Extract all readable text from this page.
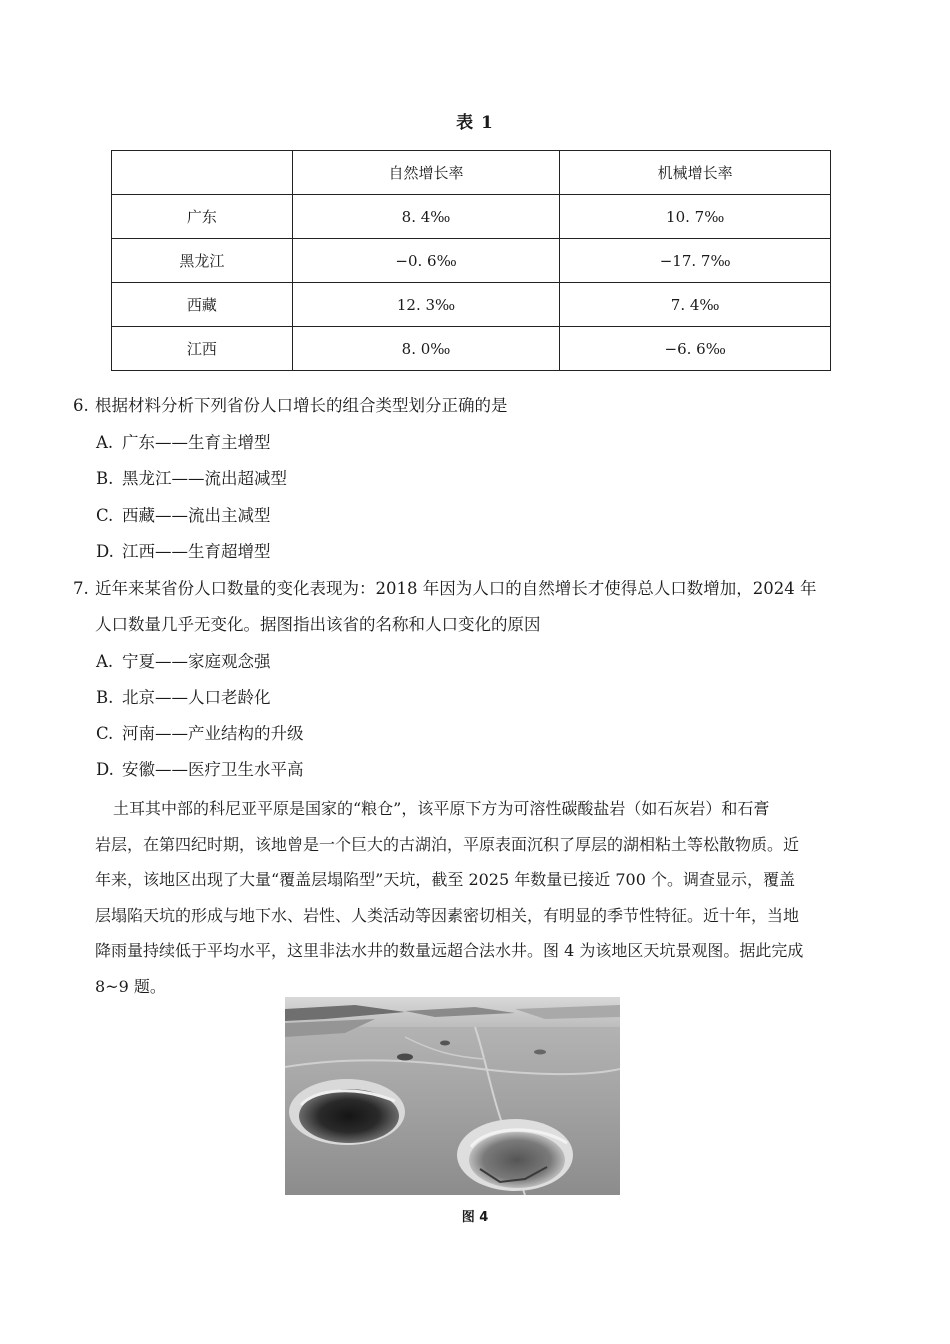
表 1
	自然增长率	机械增长率
广东	8. 4‰	10. 7‰
黑龙江	−0. 6‰	−17. 7‰
西藏	12. 3‰	7. 4‰
江西	8. 0‰	−6. 6‰
6. 根据材料分析下列省份人口增长的组合类型划分正确的是
A. 广东——生育主增型
B. 黑龙江——流出超减型
C. 西藏——流出主减型
D. 江西——生育超增型
7. 近年来某省份人口数量的变化表现为：2018 年因为人口的自然增长才使得总人口数增加，2024 年
人口数量几乎无变化。据图指出该省的名称和人口变化的原因
A. 宁夏——家庭观念强
B. 北京——人口老龄化
C. 河南——产业结构的升级
D. 安徽——医疗卫生水平高
土耳其中部的科尼亚平原是国家的“粮仓”，该平原下方为可溶性碳酸盐岩（如石灰岩）和石膏
岩层，在第四纪时期，该地曾是一个巨大的古湖泊，平原表面沉积了厚层的湖相粘土等松散物质。近
年来，该地区出现了大量“覆盖层塌陷型”天坑，截至 2025 年数量已接近 700 个。调查显示，覆盖
层塌陷天坑的形成与地下水、岩性、人类活动等因素密切相关，有明显的季节性特征。近十年，当地
降雨量持续低于平均水平，这里非法水井的数量远超合法水井。图 4 为该地区天坑景观图。据此完成
8~9 题。
图 4
